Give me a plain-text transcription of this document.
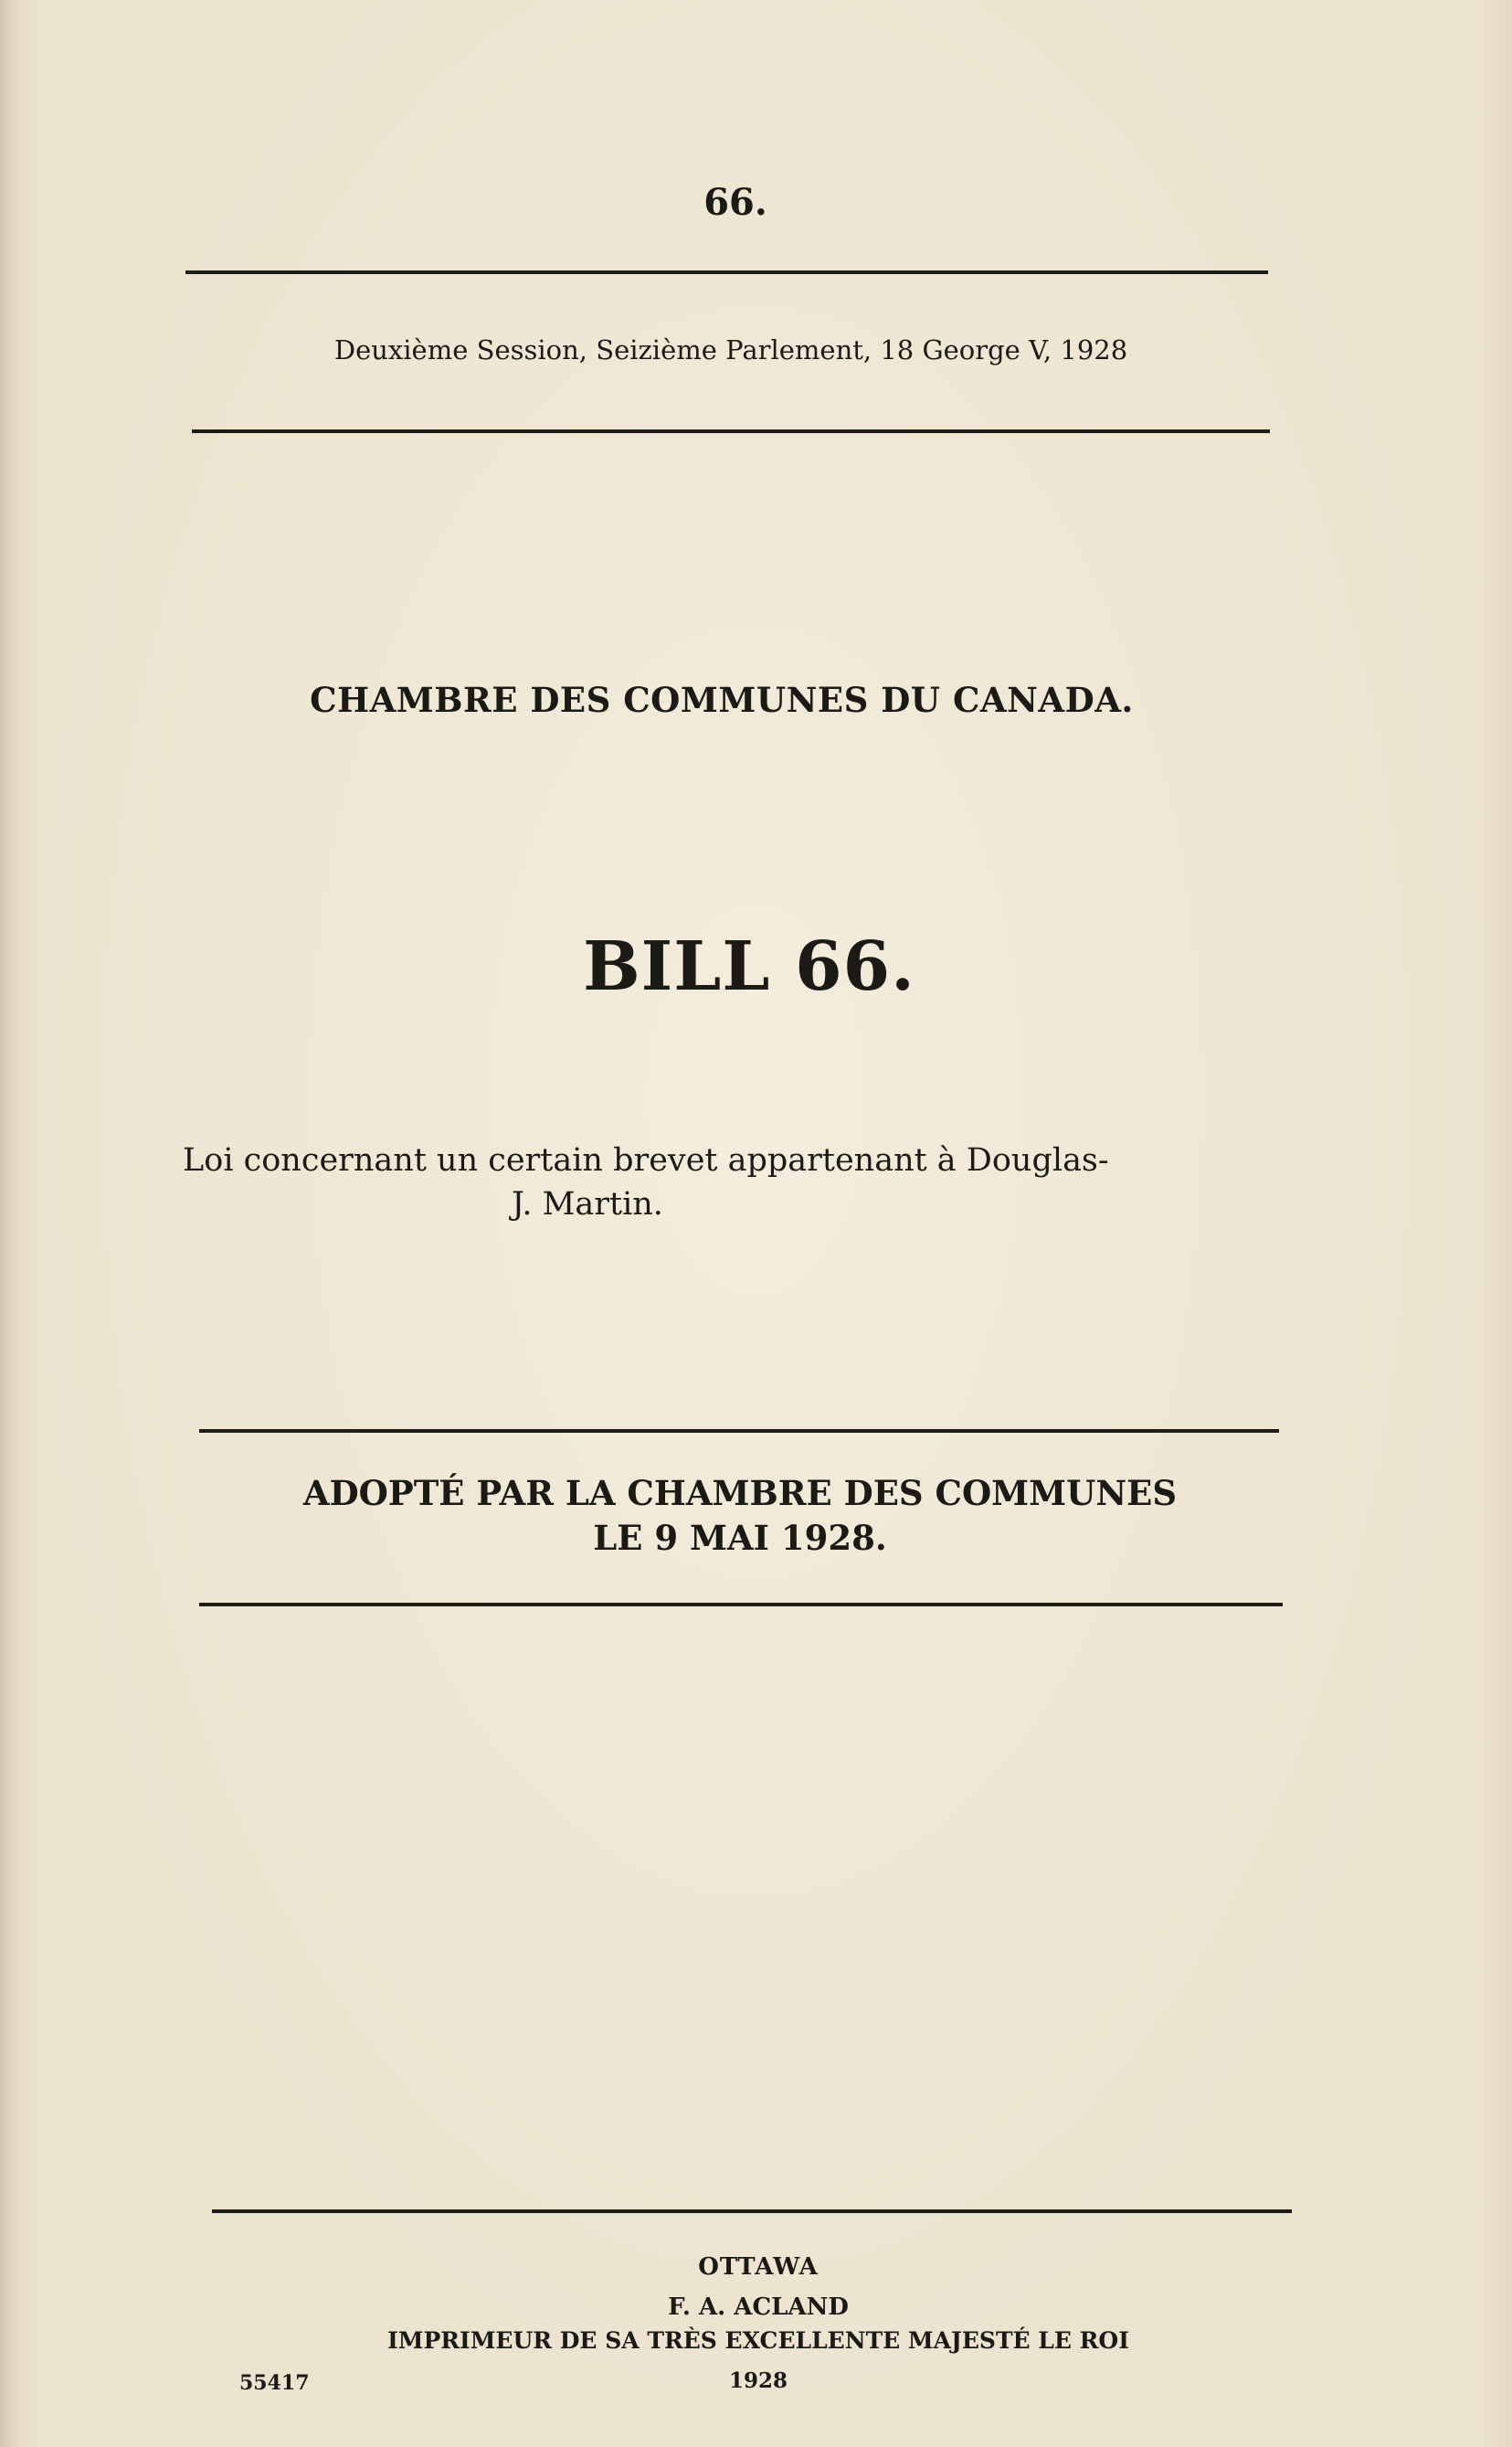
66.
Deuxième Session, Seizième Parlement, 18 George V, 1928
CHAMBRE DES COMMUNES DU CANADA.
BILL 66.
Loi concernant un certain brevet appartenant à Douglas-
J. Martin.
ADOPTÉ PAR LA CHAMBRE DES COMMUNES
LE 9 MAI 1928.
OTTAWA
F. A. ACLAND
IMPRIMEUR DE SA TRÈS EXCELLENTE MAJESTÉ LE ROI
1928
55417
